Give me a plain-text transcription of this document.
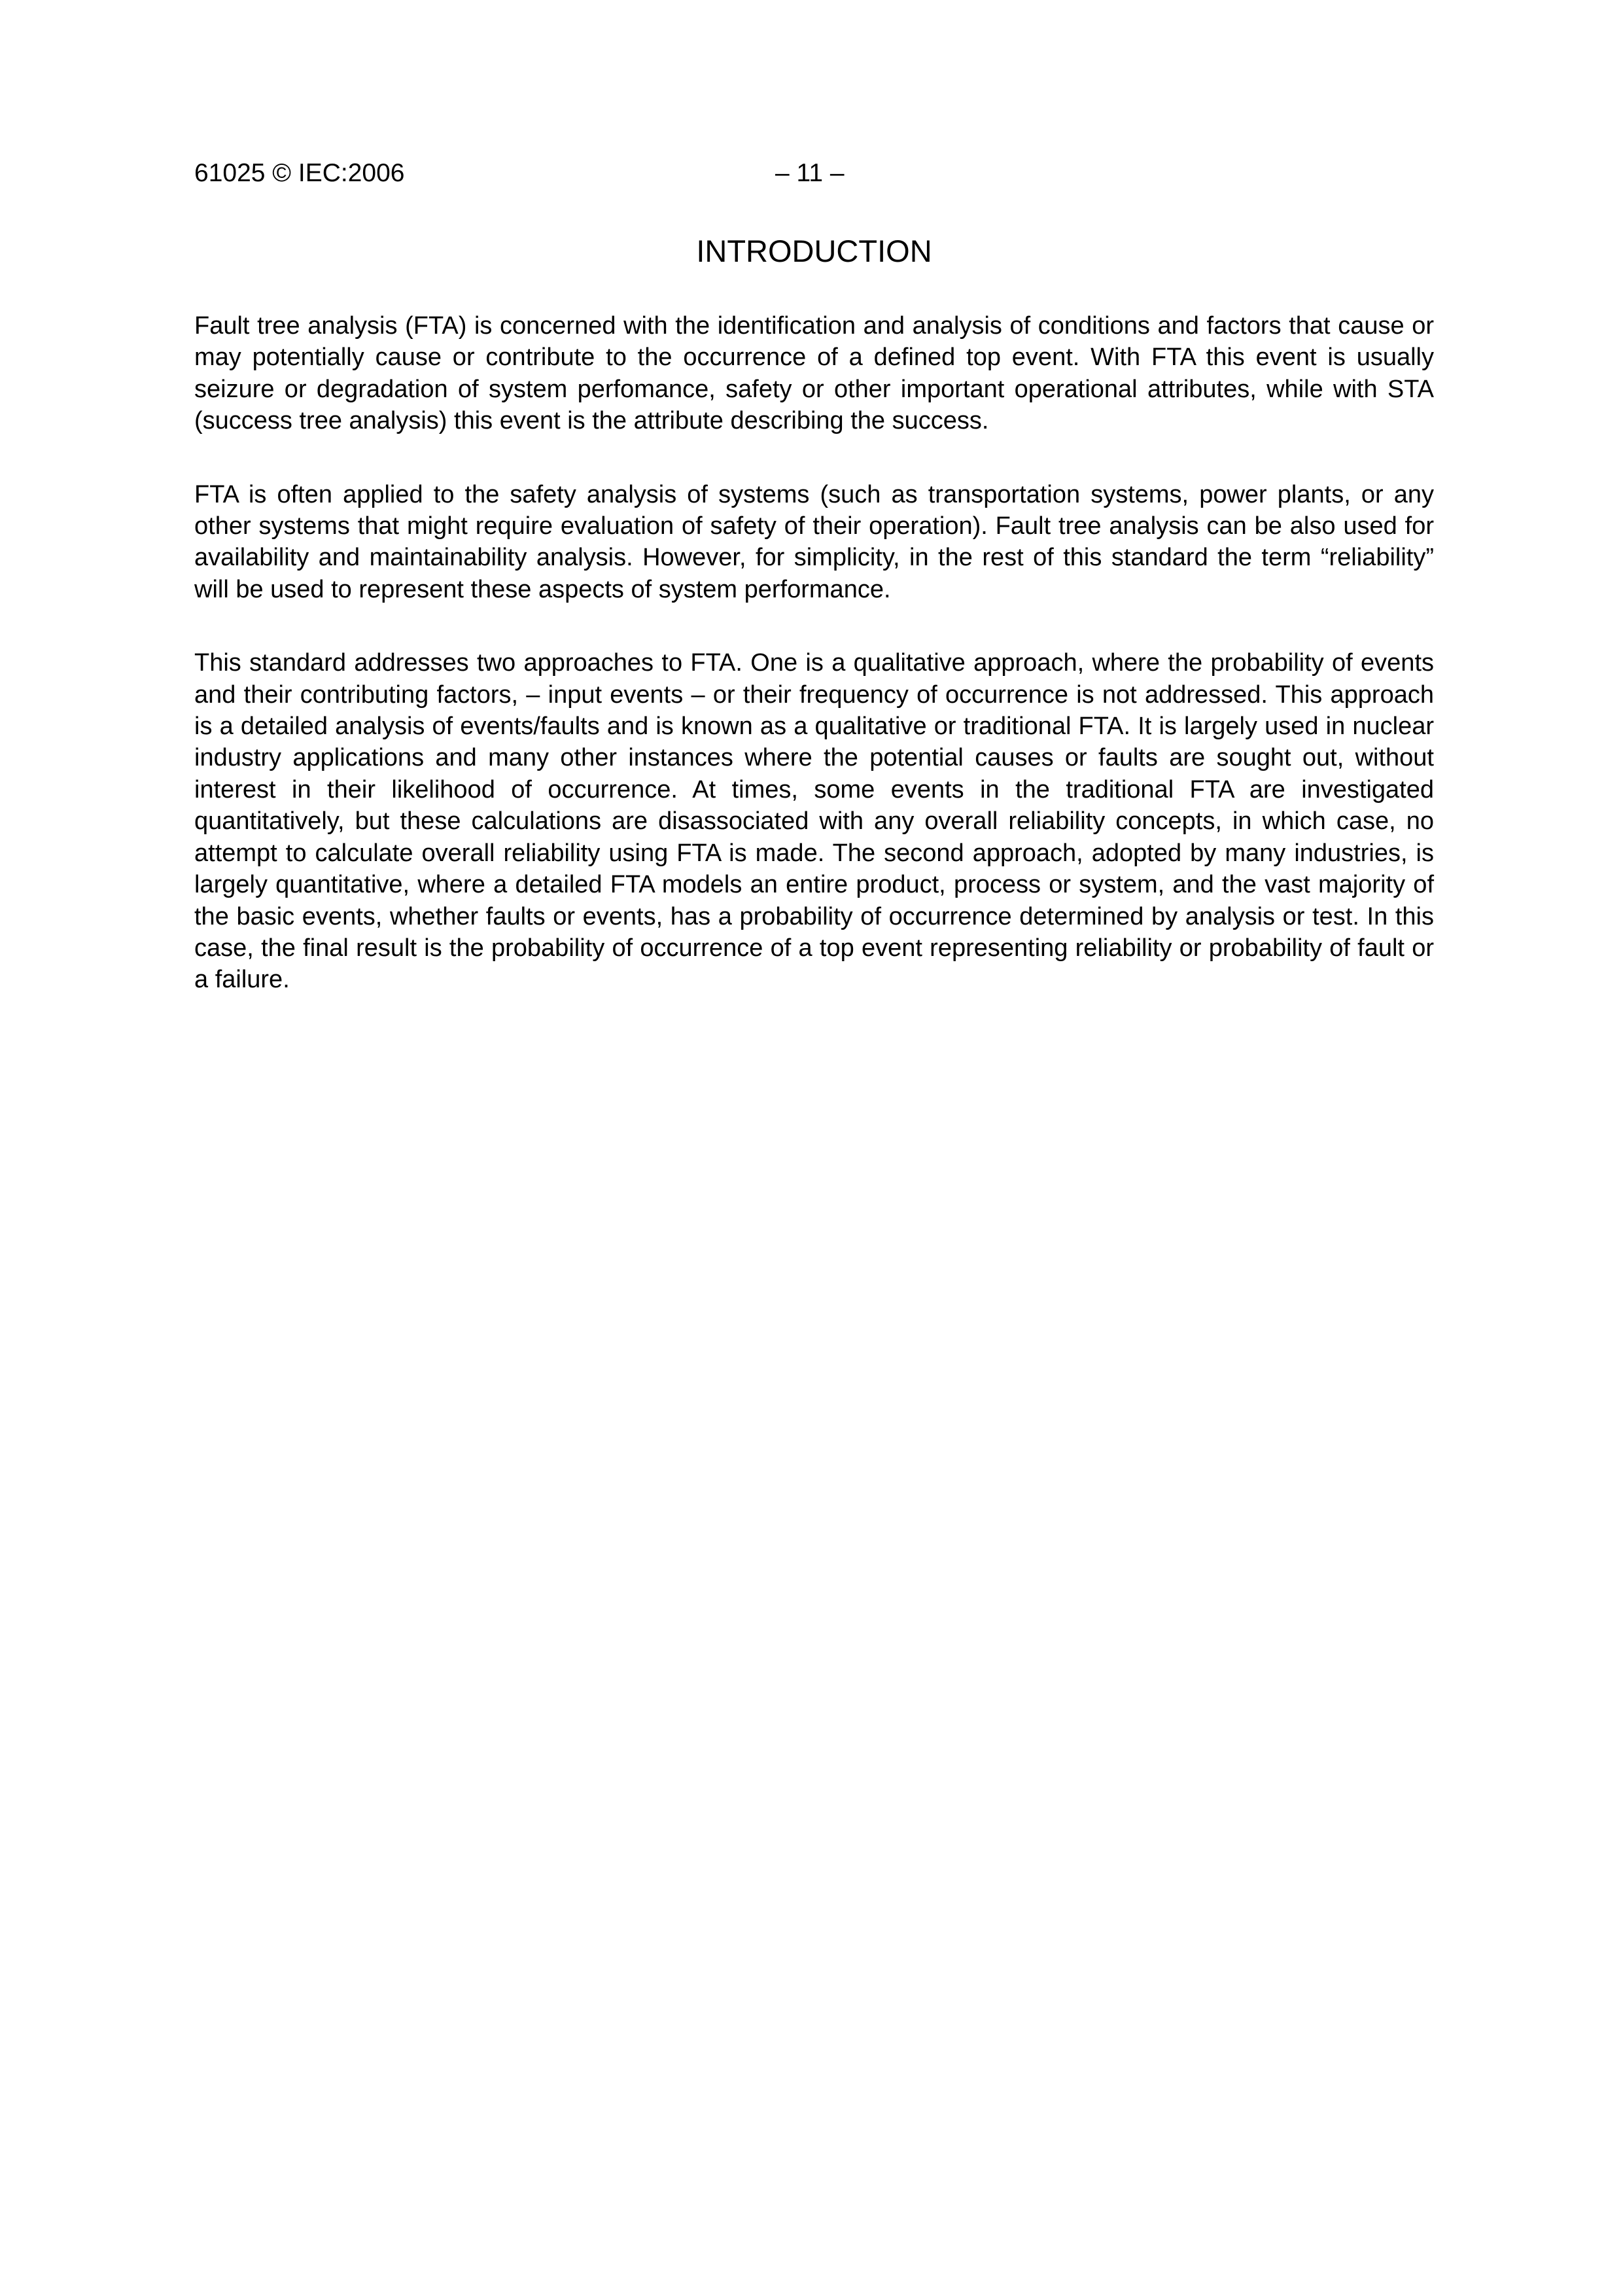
61025 © IEC:2006	– 11 –
INTRODUCTION

Fault tree analysis (FTA) is concerned with the identification and analysis of conditions and factors that cause or may potentially cause or contribute to the occurrence of a defined top event. With FTA this event is usually seizure or degradation of system perfomance, safety or other important operational attributes, while with STA (success tree analysis) this event is the attribute describing the success.

FTA is often applied to the safety analysis of systems (such as transportation systems, power plants, or any other systems that might require evaluation of safety of their operation). Fault tree analysis can be also used for availability and maintainability analysis. However, for simplicity, in the rest of this standard the term “reliability” will be used to represent these aspects of system performance.

This standard addresses two approaches to FTA. One is a qualitative approach, where the probability of events and their contributing factors, – input events – or their frequency of occurrence is not addressed. This approach is a detailed analysis of events/faults and is known as a qualitative or traditional FTA. It is largely used in nuclear industry applications and many other instances where the potential causes or faults are sought out, without interest in their likelihood of occurrence. At times, some events in the traditional FTA are investigated quantitatively, but these calculations are disassociated with any overall reliability concepts, in which case, no attempt to calculate overall reliability using FTA is made. The second approach, adopted by many industries, is largely quantitative, where a detailed FTA models an entire product, process or system, and the vast majority of the basic events, whether faults or events, has a probability of occurrence determined by analysis or test. In this case, the final result is the probability of occurrence of a top event representing reliability or probability of fault or a failure.
